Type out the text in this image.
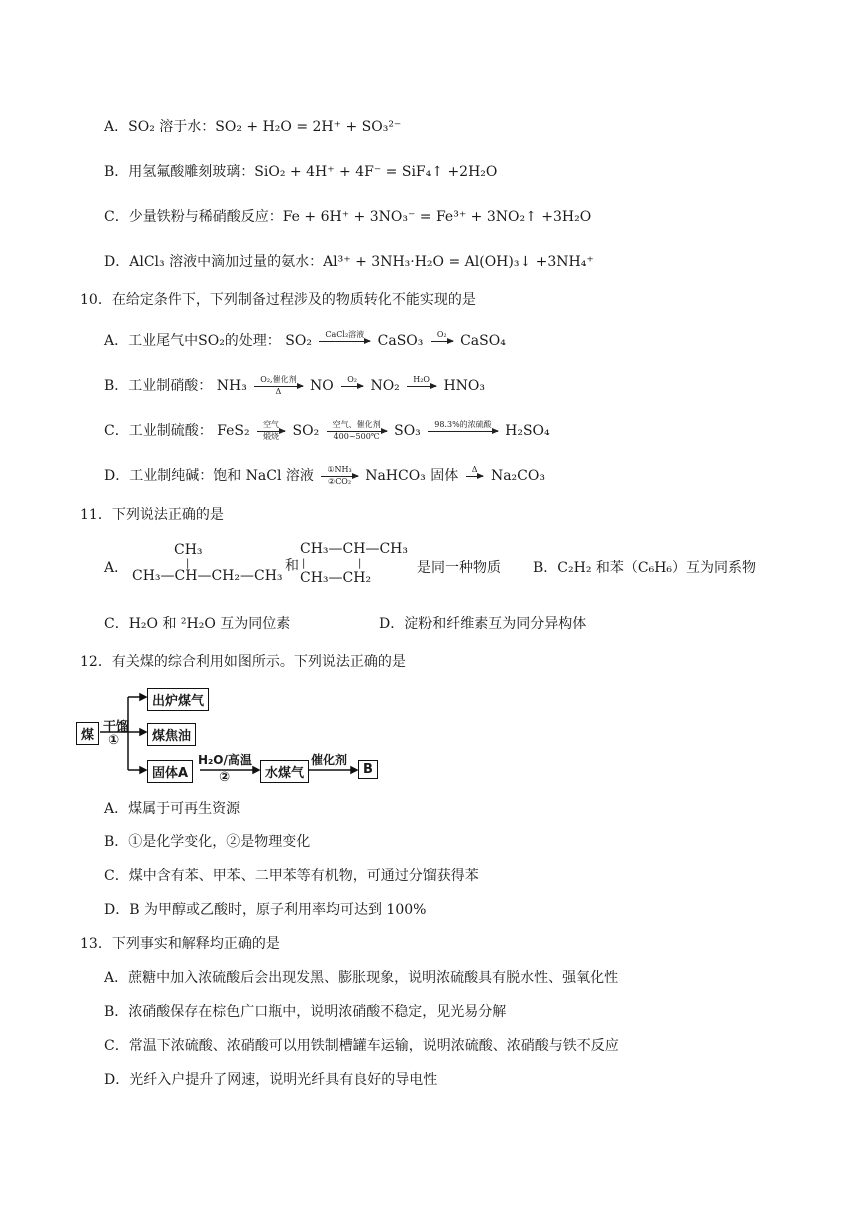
A．SO₂ 溶于水：SO₂ + H₂O = 2H⁺ + SO₃²⁻
B．用氢氟酸雕刻玻璃：SiO₂ + 4H⁺ + 4F⁻ = SiF₄↑ +2H₂O
C．少量铁粉与稀硝酸反应：Fe + 6H⁺ + 3NO₃⁻ = Fe³⁺ + 3NO₂↑ +3H₂O
D．AlCl₃ 溶液中滴加过量的氨水：Al³⁺ + 3NH₃·H₂O = Al(OH)₃↓ +3NH₄⁺
10．在给定条件下，下列制备过程涉及的物质转化不能实现的是
A．工业尾气中SO₂的处理： SO₂	CaCl₂溶液 CaSO₃	O₂ CaSO₄
B．工业制硝酸： NH₃	O₂,催化剂
Δ	NO	O₂ NO₂	H₂O HNO₃
C．工业制硫酸： FeS₂	空气
煅烧 SO₂	空气、催化剂
400~500℃	SO₃	98.3%的浓硫酸 H₂SO₄
D．工业制纯碱：饱和 NaCl 溶液 $\frac{\text{①NH₃}}{\text{②CO₂}}$ NaHCO₃ 固体	Δ Na₂CO₃
11．下列说法正确的是
A．
CH₃
|
CH₃—CH—CH₂—CH₃
和
CH₃—CH—CH₃
|	|
CH₃—CH₂
是同一种物质 B．C₂H₂ 和苯（C₆H₆）互为同系物
C．H₂O 和 ²H₂O 互为同位素	D．淀粉和纤维素互为同分异构体
12．有关煤的综合利用如图所示。下列说法正确的是
煤
干馏
①
出炉煤气
煤焦油
固体A
H₂O/高温
②	水煤气
催化剂
B
A．煤属于可再生资源
B．①是化学变化，②是物理变化
C．煤中含有苯、甲苯、二甲苯等有机物，可通过分馏获得苯
D．B 为甲醇或乙酸时，原子利用率均可达到 100%
13．下列事实和解释均正确的是
A．蔗糖中加入浓硫酸后会出现发黑、膨胀现象，说明浓硫酸具有脱水性、强氧化性
B．浓硝酸保存在棕色广口瓶中，说明浓硝酸不稳定，见光易分解
C．常温下浓硫酸、浓硝酸可以用铁制槽罐车运输，说明浓硫酸、浓硝酸与铁不反应
D．光纤入户提升了网速，说明光纤具有良好的导电性
